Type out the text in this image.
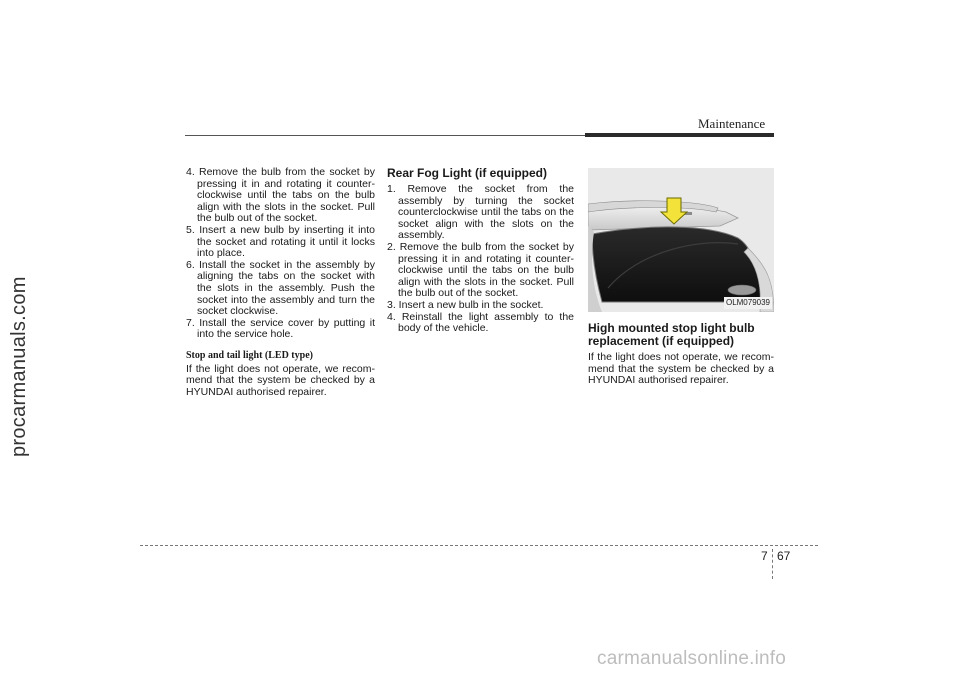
procarmanuals.com
Maintenance
4. Remove the bulb from the socket by pressing it in and rotating it counter-clockwise until the tabs on the bulb align with the slots in the socket. Pull the bulb out of the socket.
5. Insert a new bulb by inserting it into the socket and rotating it until it locks into place.
6. Install the socket in the assembly by aligning the tabs on the socket with the slots in the assembly. Push the socket into the assembly and turn the socket clockwise.
7. Install the service cover by putting it into the service hole.
Stop and tail light (LED type)

If the light does not operate, we recom-mend that the system be checked by a HYUNDAI authorised repairer.

Rear Fog Light (if equipped)
1. Remove the socket from the assembly by turning the socket counterclockwise until the tabs on the socket align with the slots on the assembly.
2. Remove the bulb from the socket by pressing it in and rotating it counter-clockwise until the tabs on the bulb align with the slots in the socket. Pull the bulb out of the socket.
3. Insert a new bulb in the socket.
4. Reinstall the light assembly to the body of the vehicle.
OLM079039
High mounted stop light bulb replacement (if equipped)

If the light does not operate, we recom-mend that the system be checked by a HYUNDAI authorised repairer.

7 67
carmanualsonline.info
